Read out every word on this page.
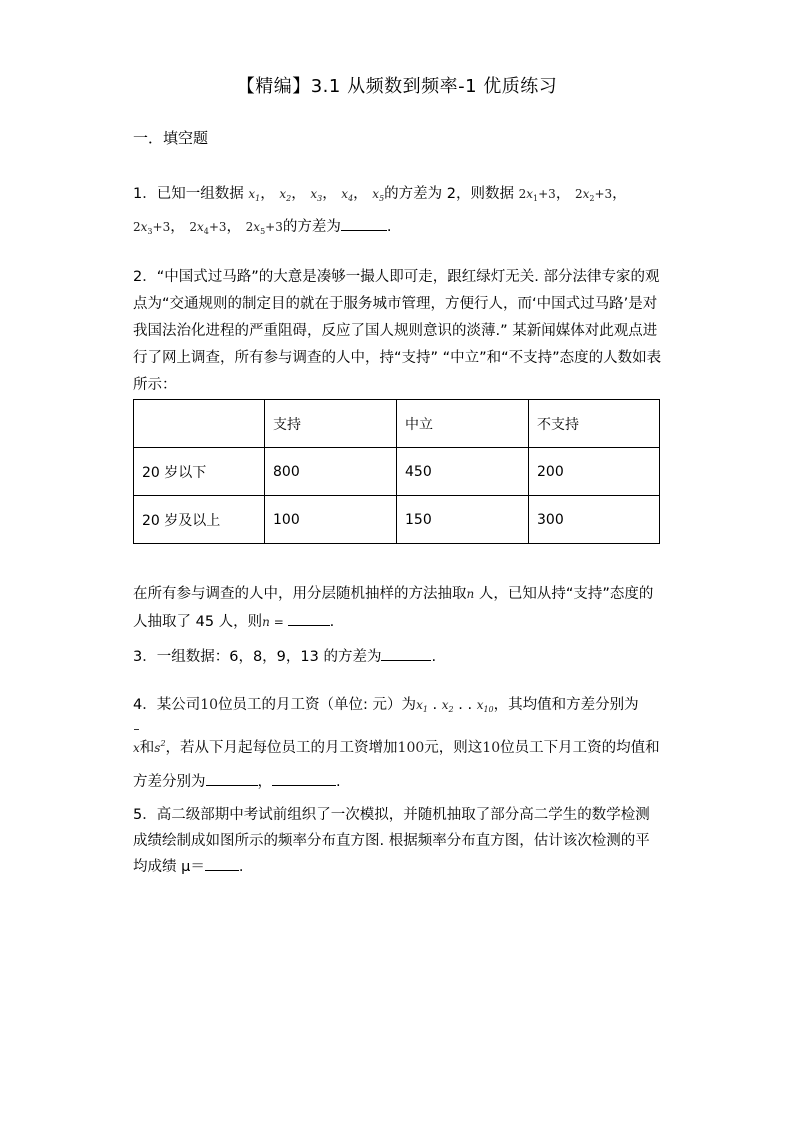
【精编】3.1 从频数到频率-1 优质练习
一．填空题
1．已知一组数据 $x_1$， $x_2$， $x_3$， $x_4$， $x_5$的方差为 2，则数据 $2x_1+3$， $2x_2+3$，
$2x_3+3$， $2x_4+3$， $2x_5+3$的方差为	.
2．“中国式过马路”的大意是凑够一撮人即可走，跟红绿灯无关. 部分法律专家的观点为“交通规则的制定目的就在于服务城市管理，方便行人，而‘中国式过马路’是对我国法治化进程的严重阻碍，反应了国人规则意识的淡薄.” 某新闻媒体对此观点进行了网上调查，所有参与调查的人中，持“支持” “中立”和“不支持”态度的人数如表所示：
	支持	中立	不支持
20 岁以下	800	450	200
20 岁及以上	100	150	300
在所有参与调查的人中，用分层随机抽样的方法抽取n 人，已知从持“支持”态度的人抽取了 45 人，则n =	.
3．一组数据：6，8，9，13 的方差为	.
4．某公司10位员工的月工资（单位: 元）为$x_1$ . $x_2$ . . $x_{10}$，其均值和方差分别为
x和$s^2$，若从下月起每位员工的月工资增加100元，则这10位员工下月工资的均值和方差分别为	，	.
5．高二级部期中考试前组织了一次模拟，并随机抽取了部分高二学生的数学检测成绩绘制成如图所示的频率分布直方图. 根据频率分布直方图，估计该次检测的平均成绩 μ＝ .
